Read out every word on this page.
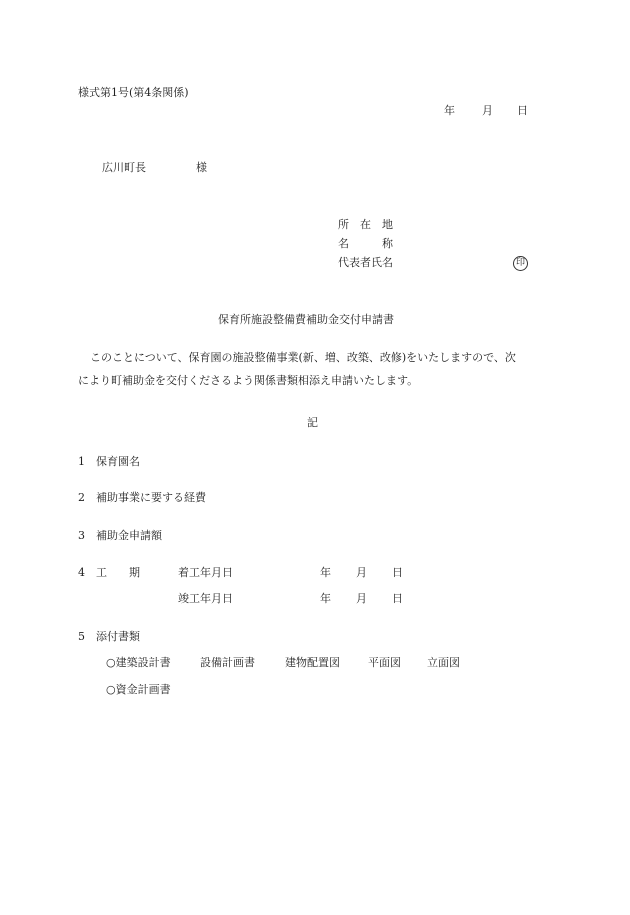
様式第1号(第4条関係)
年 月 日
広川町長	様
所　在　地
名　　　称
代表者氏名	印
保育所施設整備費補助金交付申請書
このことについて、保育園の施設整備事業(新、増、改築、改修)をいたしますので、次
により町補助金を交付くださるよう関係書類相添え申請いたします。
記
1 保育園名
2 補助事業に要する経費
3 補助金申請額
4 工　　期	着工年月日	年 月 日
竣工年月日	年 月 日
5 添付書類
○建築設計書	設備計画書	建物配置図	平面図 立面図
○資金計画書
